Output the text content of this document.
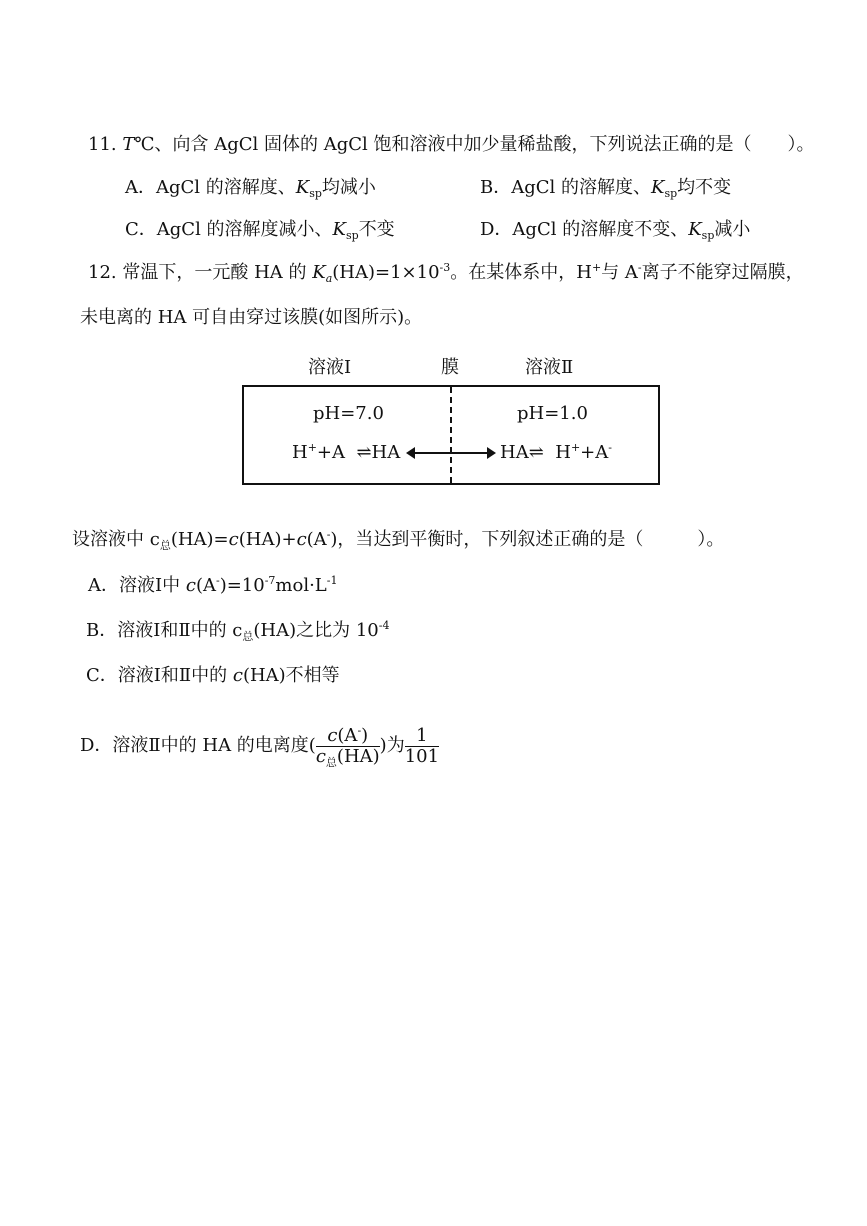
11. T℃、向含 AgCl 固体的 AgCl 饱和溶液中加少量稀盐酸，下列说法正确的是（　　）。
A．AgCl 的溶解度、$K_{sp}$均减小	B．AgCl 的溶解度、$K_{sp}$均不变
C．AgCl 的溶解度减小、$K_{sp}$不变	D．AgCl 的溶解度不变、$K_{sp}$减小
12. 常温下，一元酸 HA 的 $K_a(HA)=1\times 10^{-3}$。在某体系中，H+与 A-离子不能穿过隔膜，
未电离的 HA 可自由穿过该膜(如图所示)。
溶液Ⅰ	膜	溶液Ⅱ
pH=7.0	pH=1.0
H++A ⇌HA	HA⇌ H++A-
设溶液中 $c_总(HA)=c(HA)+c(A^-)$，当达到平衡时，下列叙述正确的是（　　　）。
A．溶液Ⅰ中 $c(A^-)=10^{-7}mol\cdot L^{-1}$
B．溶液Ⅰ和Ⅱ中的 $c_总(HA)$之比为 $10^{-4}$
C．溶液Ⅰ和Ⅱ中的 c(HA)不相等
D．溶液Ⅱ中的 HA 的电离度( $\frac{c(A^-)}{c_总(HA)}$ )为 $\frac{1}{101}$
